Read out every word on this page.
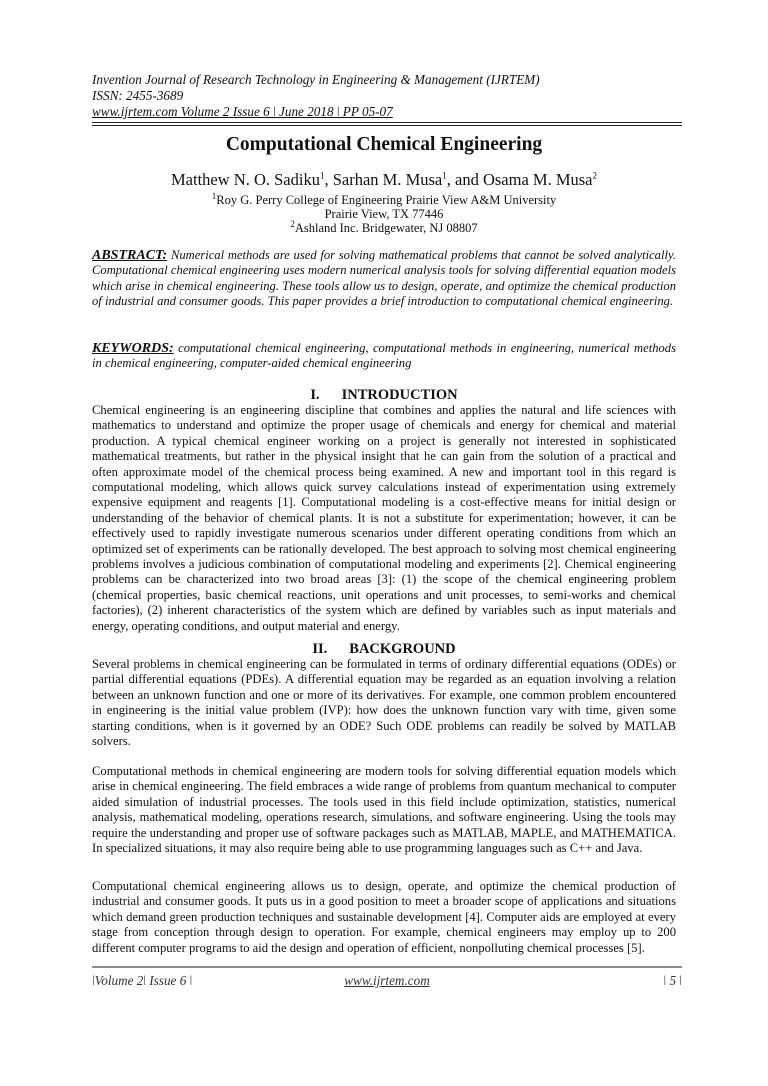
Invention Journal of Research Technology in Engineering & Management (IJRTEM)
ISSN: 2455-3689
www.ijrtem.com Volume 2 Issue 6 ǀ June 2018 ǀ PP 05-07
Computational Chemical Engineering
Matthew N. O. Sadiku$^1$, Sarhan M. Musa$^1$, and Osama M. Musa$^2$
$^1$Roy G. Perry College of Engineering Prairie View A&M University
Prairie View, TX 77446
$^2$Ashland Inc. Bridgewater, NJ 08807
ABSTRACT: Numerical methods are used for solving mathematical problems that cannot be solved analytically. Computational chemical engineering uses modern numerical analysis tools for solving differential equation models which arise in chemical engineering. These tools allow us to design, operate, and optimize the chemical production of industrial and consumer goods. This paper provides a brief introduction to computational chemical engineering.
KEYWORDS: computational chemical engineering, computational methods in engineering, numerical methods in chemical engineering, computer-aided chemical engineering
I. INTRODUCTION
Chemical engineering is an engineering discipline that combines and applies the natural and life sciences with mathematics to understand and optimize the proper usage of chemicals and energy for chemical and material production. A typical chemical engineer working on a project is generally not interested in sophisticated mathematical treatments, but rather in the physical insight that he can gain from the solution of a practical and often approximate model of the chemical process being examined. A new and important tool in this regard is computational modeling, which allows quick survey calculations instead of experimentation using extremely expensive equipment and reagents [1]. Computational modeling is a cost-effective means for initial design or understanding of the behavior of chemical plants. It is not a substitute for experimentation; however, it can be effectively used to rapidly investigate numerous scenarios under different operating conditions from which an optimized set of experiments can be rationally developed. The best approach to solving most chemical engineering problems involves a judicious combination of computational modeling and experiments [2]. Chemical engineering problems can be characterized into two broad areas [3]: (1) the scope of the chemical engineering problem (chemical properties, basic chemical reactions, unit operations and unit processes, to semi-works and chemical factories), (2) inherent characteristics of the system which are defined by variables such as input materials and energy, operating conditions, and output material and energy.
II. BACKGROUND
Several problems in chemical engineering can be formulated in terms of ordinary differential equations (ODEs) or partial differential equations (PDEs). A differential equation may be regarded as an equation involving a relation between an unknown function and one or more of its derivatives. For example, one common problem encountered in engineering is the initial value problem (IVP): how does the unknown function vary with time, given some starting conditions, when is it governed by an ODE? Such ODE problems can readily be solved by MATLAB solvers.
Computational methods in chemical engineering are modern tools for solving differential equation models which arise in chemical engineering. The field embraces a wide range of problems from quantum mechanical to computer aided simulation of industrial processes. The tools used in this field include optimization, statistics, numerical analysis, mathematical modeling, operations research, simulations, and software engineering. Using the tools may require the understanding and proper use of software packages such as MATLAB, MAPLE, and MATHEMATICA. In specialized situations, it may also require being able to use programming languages such as C++ and Java.
Computational chemical engineering allows us to design, operate, and optimize the chemical production of industrial and consumer goods. It puts us in a good position to meet a broader scope of applications and situations which demand green production techniques and sustainable development [4]. Computer aids are employed at every stage from conception through design to operation. For example, chemical engineers may employ up to 200 different computer programs to aid the design and operation of efficient, nonpolluting chemical processes [5].
ǀVolume 2ǀ Issue 6 ǀ	www.ijrtem.com	ǀ 5 ǀ
